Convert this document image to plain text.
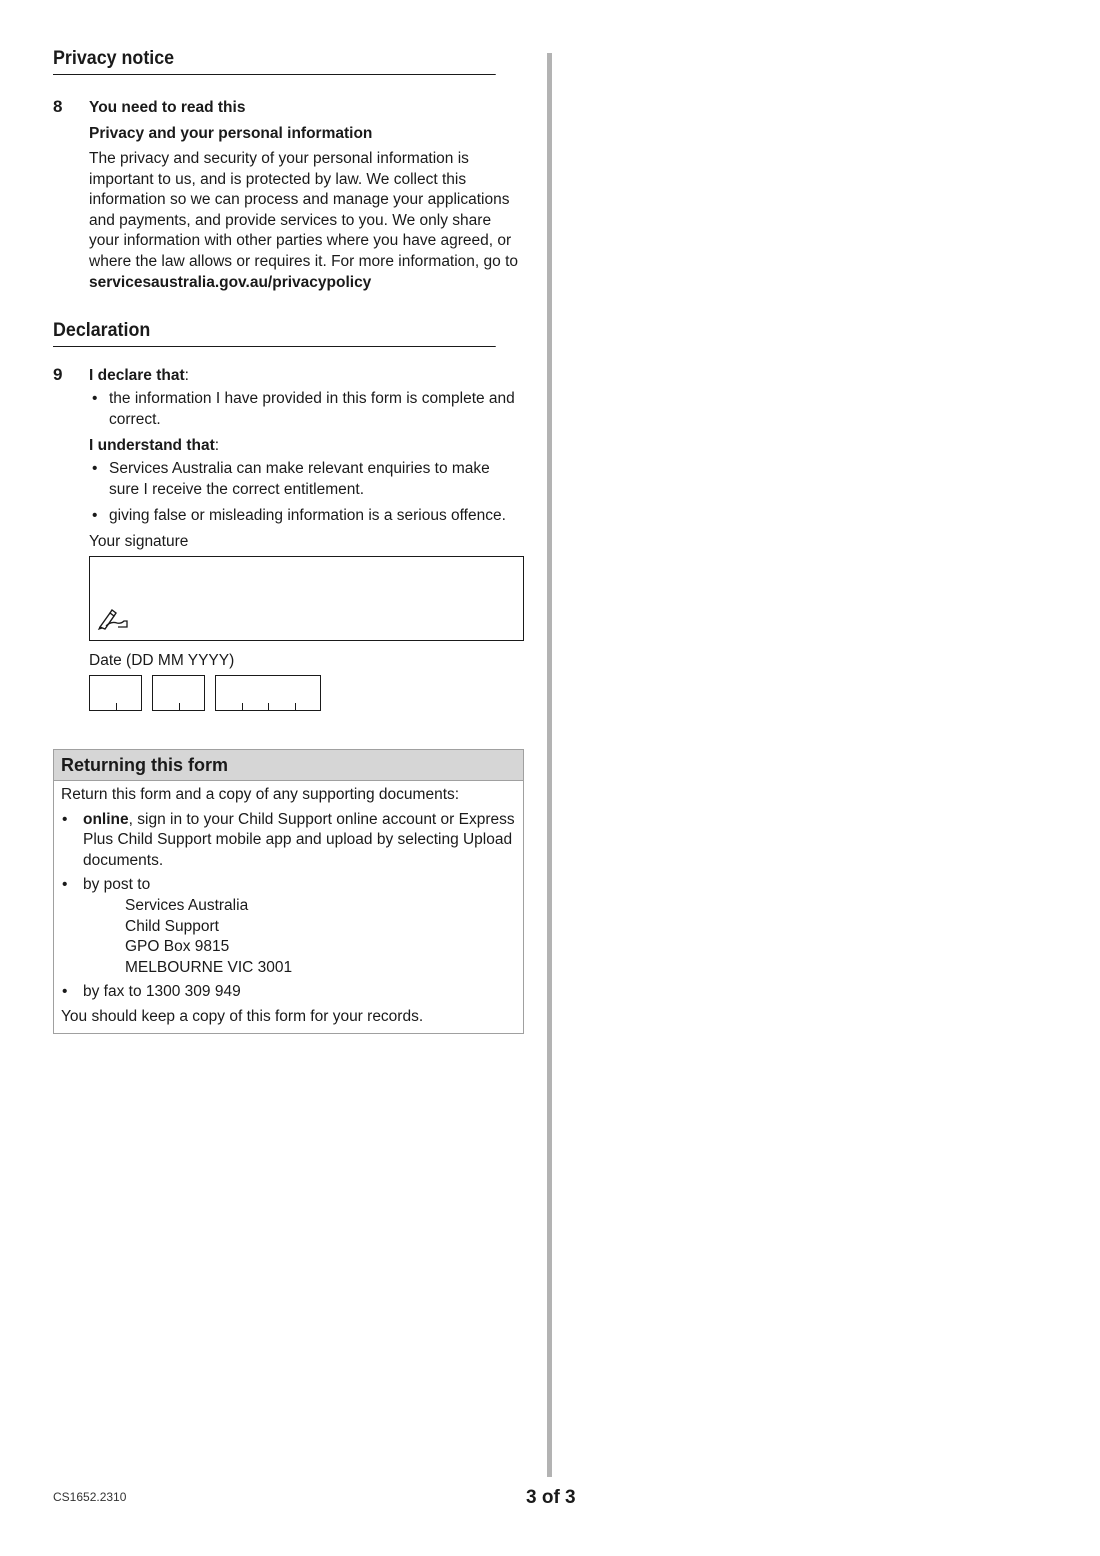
Privacy notice
8 You need to read this

Privacy and your personal information

The privacy and security of your personal information is important to us, and is protected by law. We collect this information so we can process and manage your applications and payments, and provide services to you. We only share your information with other parties where you have agreed, or where the law allows or requires it. For more information, go to
servicesaustralia.gov.au/privacypolicy

Declaration
9 I declare that:

• the information I have provided in this form is complete and correct.

I understand that:

• Services Australia can make relevant enquiries to make sure I receive the correct entitlement.
• giving false or misleading information is a serious offence.
Your signature
Date (DD MM YYYY)
Returning this form
Return this form and a copy of any supporting documents:
• online, sign in to your Child Support online account or Express Plus Child Support mobile app and upload by selecting Upload documents.
• by post to
Services Australia
Child Support
GPO Box 9815
MELBOURNE VIC 3001
• by fax to 1300 309 949
You should keep a copy of this form for your records.
CS1652.2310	3 of 3
